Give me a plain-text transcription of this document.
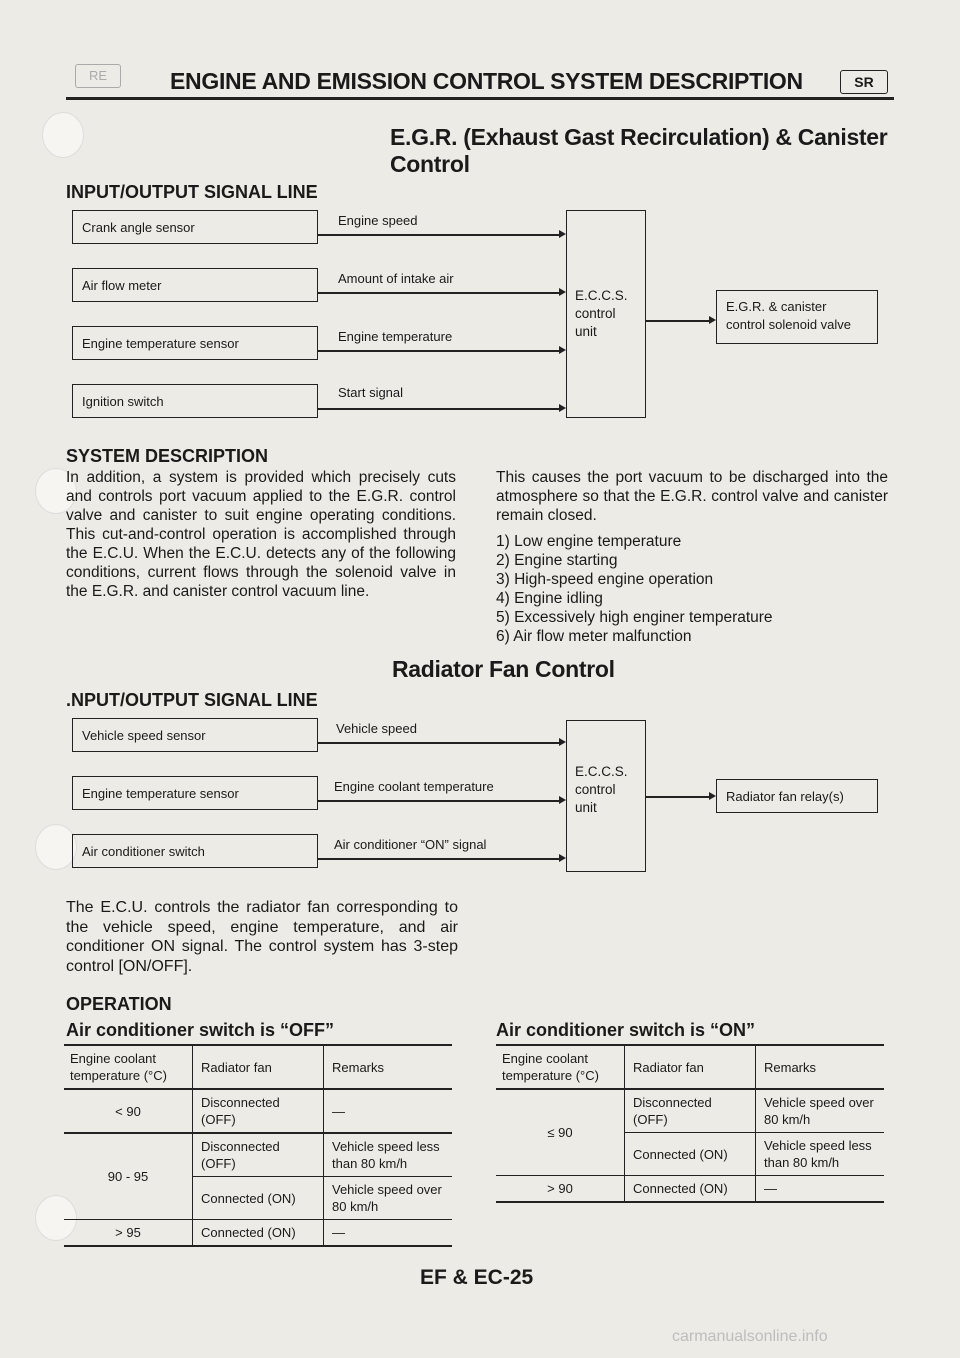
RE	ENGINE AND EMISSION CONTROL SYSTEM DESCRIPTION	SR
E.G.R. (Exhaust Gast Recirculation) & Canister
Control
INPUT/OUTPUT SIGNAL LINE
Crank angle sensor	Engine speed
Air flow meter	Amount of intake air
Engine temperature sensor	Engine temperature
Ignition switch
Start signal
E.C.C.S.
control
unit
E.G.R. & canister
control solenoid valve
SYSTEM DESCRIPTION
In addition, a system is provided which precisely cuts and controls port vacuum applied to the E.G.R. control valve and canister to suit engine operating conditions. This cut-and-control operation is accomplished through the E.C.U. When the E.C.U. detects any of the following conditions, current flows through the solenoid valve in the E.G.R. and canister control vacuum line.
This causes the port vacuum to be discharged into the atmosphere so that the E.G.R. control valve and canister remain closed.
1) Low engine temperature
2) Engine starting
3) High-speed engine operation
4) Engine idling
5) Excessively high enginer temperature
6) Air flow meter malfunction
Radiator Fan Control
.NPUT/OUTPUT SIGNAL LINE
Vehicle speed sensor	Vehicle speed
Engine temperature sensor	Engine coolant temperature
Air conditioner switch	Air conditioner “ON” signal
E.C.C.S.
control
unit
Radiator fan relay(s)
The E.C.U. controls the radiator fan corresponding to the vehicle speed, engine temperature, and air conditioner ON signal. The control system has 3-step control [ON/OFF].
OPERATION
Air conditioner switch is “OFF”	Air conditioner switch is “ON”
Engine coolant temperature (°C)	Radiator fan	Remarks
< 90	Disconnected (OFF)	—
90 - 95	Disconnected (OFF)	Vehicle speed less than 80 km/h
	Connected (ON)	Vehicle speed over 80 km/h
> 95	Connected (ON)	—
Engine coolant temperature (°C)	Radiator fan	Remarks
≤ 90	Disconnected (OFF)	Vehicle speed over 80 km/h
	Connected (ON)	Vehicle speed less than 80 km/h
> 90	Connected (ON)	—
EF & EC-25
carmanualsonline.info
